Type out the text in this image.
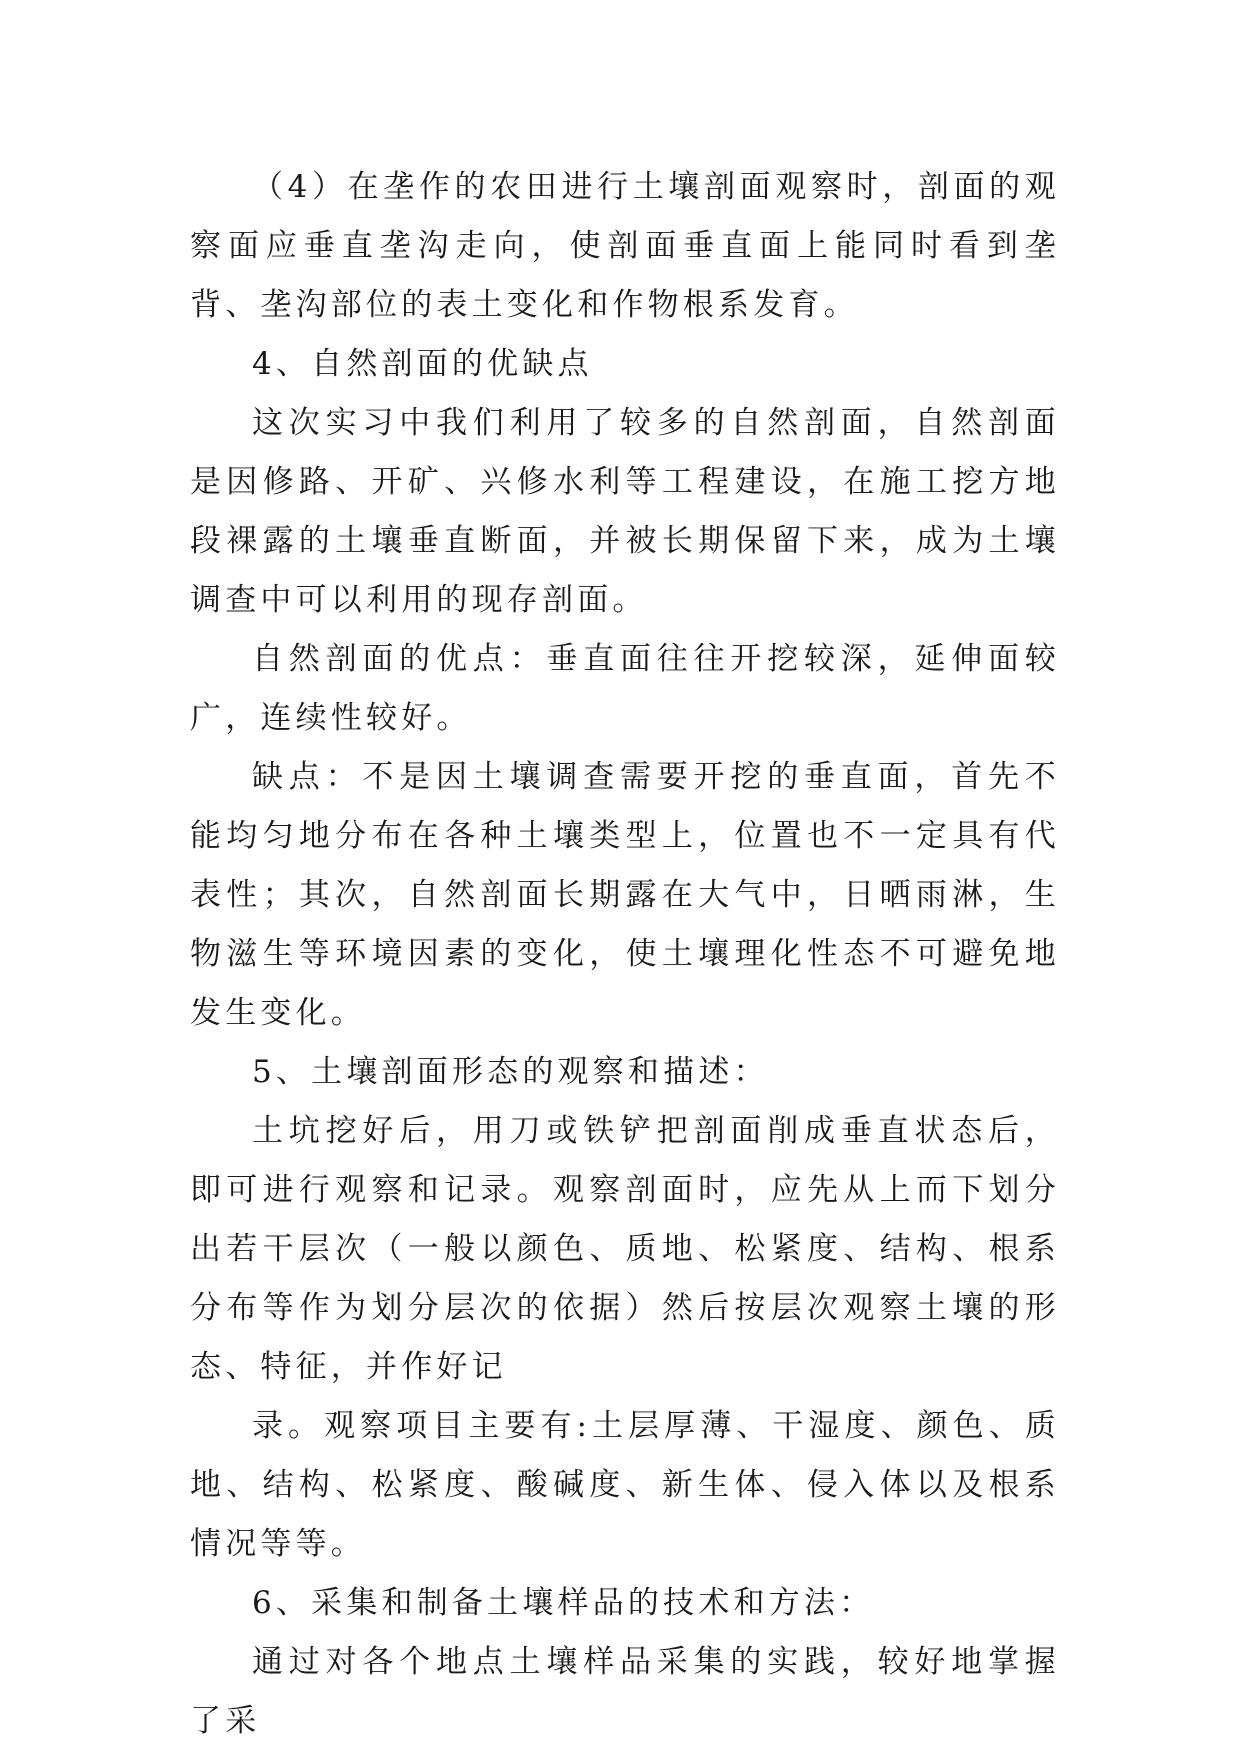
（4）在垄作的农田进行土壤剖面观察时，剖面的观察面应垂直垄沟走向，使剖面垂直面上能同时看到垄背、垄沟部位的表土变化和作物根系发育。

4、自然剖面的优缺点

这次实习中我们利用了较多的自然剖面，自然剖面是因修路、开矿、兴修水利等工程建设，在施工挖方地段裸露的土壤垂直断面，并被长期保留下来，成为土壤调查中可以利用的现存剖面。

自然剖面的优点：垂直面往往开挖较深，延伸面较广，连续性较好。

缺点：不是因土壤调查需要开挖的垂直面，首先不能均匀地分布在各种土壤类型上，位置也不一定具有代表性；其次，自然剖面长期露在大气中，日晒雨淋，生物滋生等环境因素的变化，使土壤理化性态不可避免地发生变化。

5、土壤剖面形态的观察和描述：

土坑挖好后，用刀或铁铲把剖面削成垂直状态后，即可进行观察和记录。观察剖面时，应先从上而下划分出若干层次（一般以颜色、质地、松紧度、结构、根系分布等作为划分层次的依据）然后按层次观察土壤的形态、特征，并作好记

录。观察项目主要有:土层厚薄、干湿度、颜色、质地、结构、松紧度、酸碱度、新生体、侵入体以及根系情况等等。

6、采集和制备土壤样品的技术和方法：

通过对各个地点土壤样品采集的实践，较好地掌握了采
